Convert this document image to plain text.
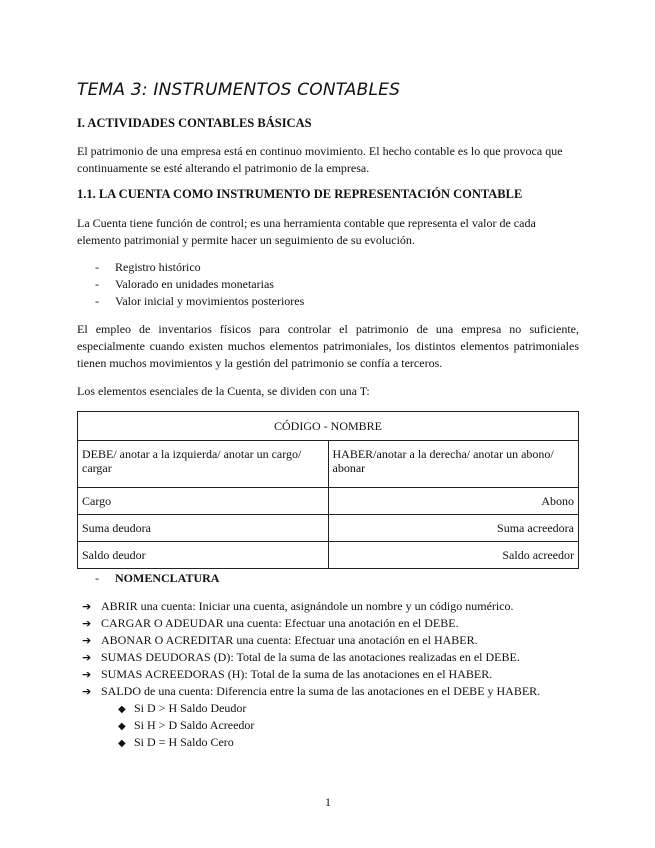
TEMA 3: INSTRUMENTOS CONTABLES
I. ACTIVIDADES CONTABLES BÁSICAS

El patrimonio de una empresa está en continuo movimiento. El hecho contable es lo que provoca que continuamente se esté alterando el patrimonio de la empresa.

1.1. LA CUENTA COMO INSTRUMENTO DE REPRESENTACIÓN CONTABLE

La Cuenta tiene función de control; es una herramienta contable que representa el valor de cada elemento patrimonial y permite hacer un seguimiento de su evolución.

- Registro histórico
- Valorado en unidades monetarias
- Valor inicial y movimientos posteriores

El empleo de inventarios físicos para controlar el patrimonio de una empresa no suficiente, especialmente cuando existen muchos elementos patrimoniales, los distintos elementos patrimoniales tienen muchos movimientos y la gestión del patrimonio se confía a terceros.

Los elementos esenciales de la Cuenta, se dividen con una T:

CÓDIGO - NOMBRE	
DEBE/ anotar a la izquierda/ anotar un cargo/ cargar	HABER/anotar a la derecha/ anotar un abono/ abonar
Cargo	Abono
Suma deudora	Suma acreedora
Saldo deudor	Saldo acreedor
- NOMENCLATURA
➔ ABRIR una cuenta: Iniciar una cuenta, asignándole un nombre y un código numérico.
➔ CARGAR O ADEUDAR una cuenta: Efectuar una anotación en el DEBE.
➔ ABONAR O ACREDITAR una cuenta: Efectuar una anotación en el HABER.
➔ SUMAS DEUDORAS (D): Total de la suma de las anotaciones realizadas en el DEBE.
➔ SUMAS ACREEDORAS (H): Total de la suma de las anotaciones en el HABER.
➔ SALDO de una cuenta: Diferencia entre la suma de las anotaciones en el DEBE y HABER.
◆ Si D > H Saldo Deudor
◆ Si H > D Saldo Acreedor
◆ Si D = H Saldo Cero
1
